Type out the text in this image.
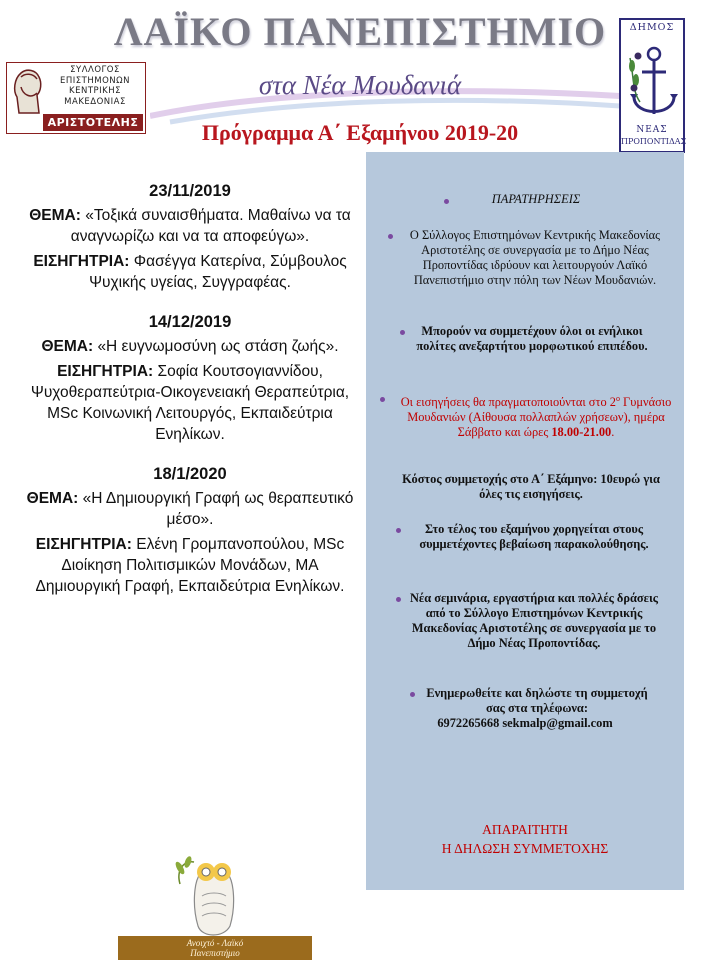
ΛΑΪΚΟ ΠΑΝΕΠΙΣΤΗΜΙΟ
στα Νέα Μουδανιά
Πρόγραμμα Α΄ Εξαμήνου 2019-20
ΣΥΛΛΟΓΟΣ
ΕΠΙΣΤΗΜΟΝΩΝ
ΚΕΝΤΡΙΚΗΣ
ΜΑΚΕΔΟΝΙΑΣ
ΑΡΙΣΤΟΤΕΛΗΣ
ΔΗΜΟΣ
ΝΕΑΣ
ΠΡΟΠΟΝΤΙΔΑΣ
23/11/2019
ΘΕΜΑ: «Τοξικά συναισθήματα. Μαθαίνω να τα αναγνωρίζω και να τα αποφεύγω».
ΕΙΣΗΓΗΤΡΙΑ: Φασέγγα Κατερίνα, Σύμβουλος Ψυχικής υγείας, Συγγραφέας.
14/12/2019
ΘΕΜΑ: «Η ευγνωμοσύνη ως στάση ζωής».
ΕΙΣΗΓΗΤΡΙΑ: Σοφία Κουτσογιαννίδου, Ψυχοθεραπεύτρια-Οικογενειακή Θεραπεύτρια, MSc Κοινωνική Λειτουργός, Εκπαιδεύτρια Ενηλίκων.
18/1/2020
ΘΕΜΑ: «Η Δημιουργική Γραφή ως θεραπευτικό μέσο».
ΕΙΣΗΓΗΤΡΙΑ: Ελένη Γρομπανοπούλου, MSc Διοίκηση Πολιτισμικών Μονάδων, MA Δημιουργική Γραφή, Εκπαιδεύτρια Ενηλίκων.
ΠΑΡΑΤΗΡΗΣΕΙΣ
Ο Σύλλογος Επιστημόνων Κεντρικής Μακεδονίας Αριστοτέλης σε συνεργασία με το Δήμο Νέας Προποντίδας ιδρύουν και λειτουργούν Λαϊκό Πανεπιστήμιο στην πόλη των Νέων Μουδανιών.
Μπορούν να συμμετέχουν όλοι οι ενήλικοι πολίτες ανεξαρτήτου μορφωτικού επιπέδου.
Οι εισηγήσεις θα πραγματοποιούνται στο $2^o$ Γυμνάσιο Μουδανιών (Αίθουσα πολλαπλών χρήσεων), ημέρα Σάββατο και ώρες 18.00-21.00.
Κόστος συμμετοχής στο Α΄ Εξάμηνο: 10ευρώ για όλες τις εισηγήσεις.
Στο τέλος του εξαμήνου χορηγείται στους συμμετέχοντες βεβαίωση παρακολούθησης.
Νέα σεμινάρια, εργαστήρια και πολλές δράσεις από το Σύλλογο Επιστημόνων Κεντρικής Μακεδονίας Αριστοτέλης σε συνεργασία με το Δήμο Νέας Προποντίδας.
Ενημερωθείτε και δηλώστε τη συμμετοχή σας στα τηλέφωνα:
6972265668 sekmalp@gmail.com
ΑΠΑΡΑΙΤΗΤΗ
Η ΔΗΛΩΣΗ ΣΥΜΜΕΤΟΧΗΣ
Ανοιχτό - Λαϊκό
Πανεπιστήμιο
